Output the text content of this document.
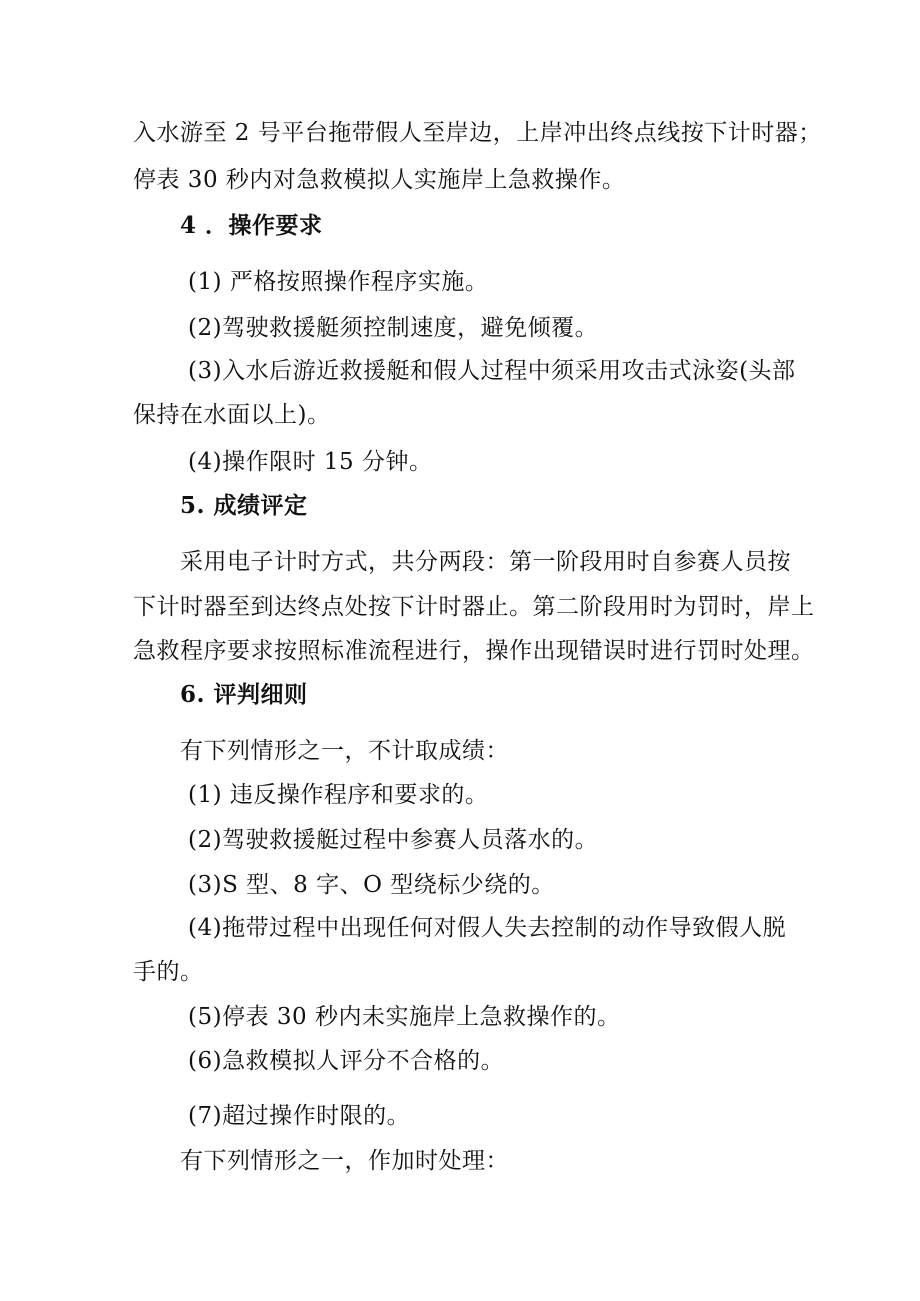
入水游至 2 号平台拖带假人至岸边，上岸冲出终点线按下计时器；
停表 30 秒内对急救模拟人实施岸上急救操作。
4 ．操作要求
(1) 严格按照操作程序实施。
(2)驾驶救援艇须控制速度，避免倾覆。
(3)入水后游近救援艇和假人过程中须采用攻击式泳姿(头部
保持在水面以上)。
(4)操作限时 15 分钟。
5. 成绩评定
采用电子计时方式，共分两段：第一阶段用时自参赛人员按
下计时器至到达终点处按下计时器止。第二阶段用时为罚时，岸上
急救程序要求按照标准流程进行，操作出现错误时进行罚时处理。
6. 评判细则
有下列情形之一，不计取成绩：
(1) 违反操作程序和要求的。
(2)驾驶救援艇过程中参赛人员落水的。
(3)S 型、8 字、O 型绕标少绕的。
(4)拖带过程中出现任何对假人失去控制的动作导致假人脱
手的。
(5)停表 30 秒内未实施岸上急救操作的。
(6)急救模拟人评分不合格的。
(7)超过操作时限的。
有下列情形之一，作加时处理：
